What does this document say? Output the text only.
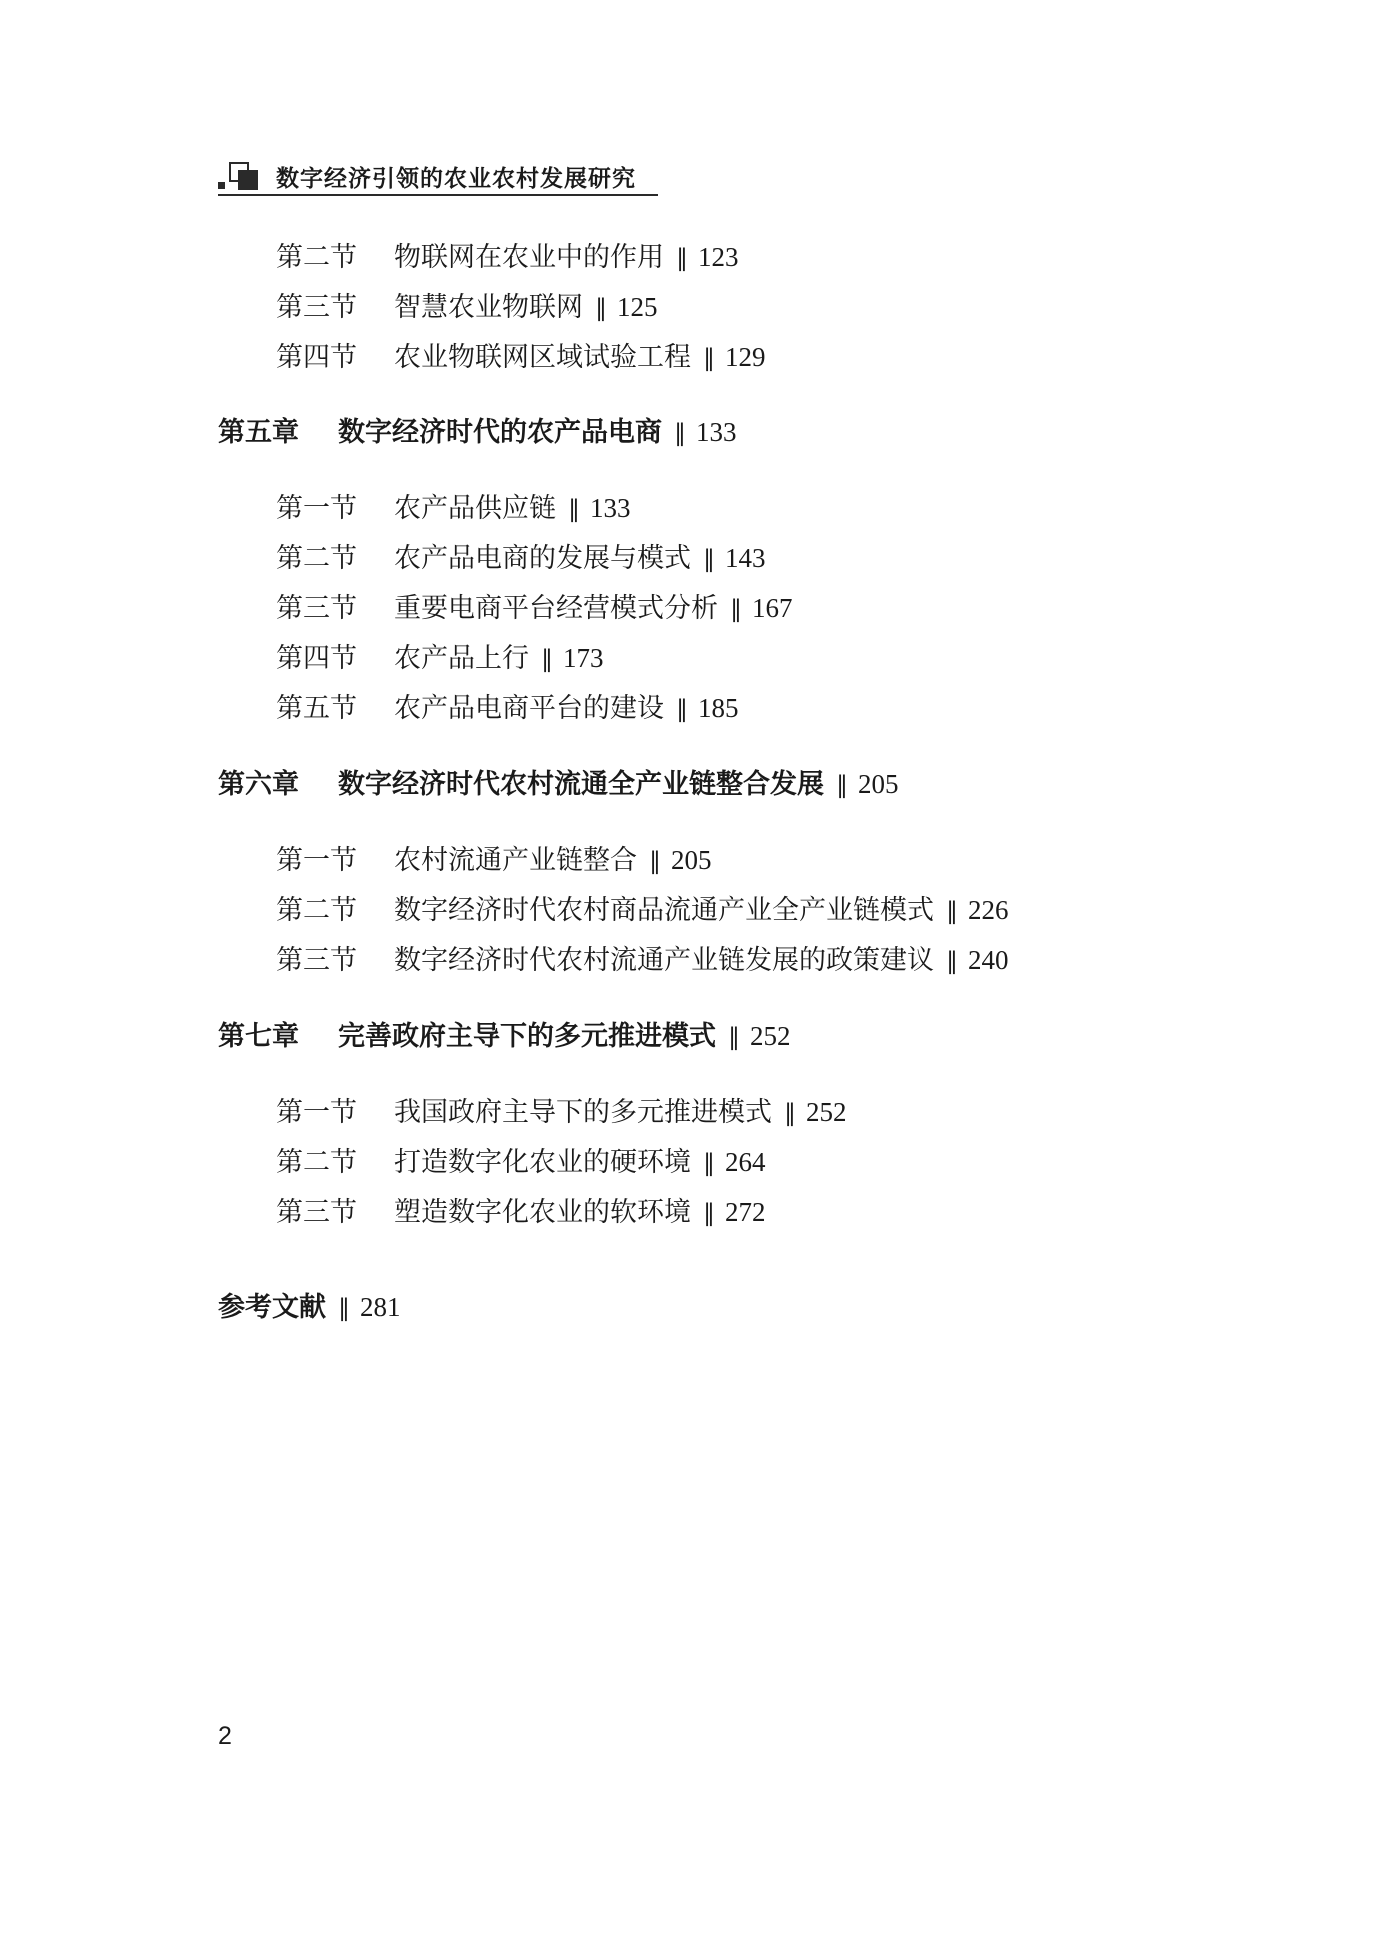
数字经济引领的农业农村发展研究
第二节 物联网在农业中的作用 ∥ 123
第三节 智慧农业物联网 ∥ 125
第四节 农业物联网区域试验工程 ∥ 129
第五章 数字经济时代的农产品电商 ∥ 133
第一节 农产品供应链 ∥ 133
第二节 农产品电商的发展与模式 ∥ 143
第三节 重要电商平台经营模式分析 ∥ 167
第四节 农产品上行 ∥ 173
第五节 农产品电商平台的建设 ∥ 185
第六章 数字经济时代农村流通全产业链整合发展 ∥ 205
第一节 农村流通产业链整合 ∥ 205
第二节 数字经济时代农村商品流通产业全产业链模式 ∥ 226
第三节 数字经济时代农村流通产业链发展的政策建议 ∥ 240
第七章 完善政府主导下的多元推进模式 ∥ 252
第一节 我国政府主导下的多元推进模式 ∥ 252
第二节 打造数字化农业的硬环境 ∥ 264
第三节 塑造数字化农业的软环境 ∥ 272
参考文献 ∥ 281
2
